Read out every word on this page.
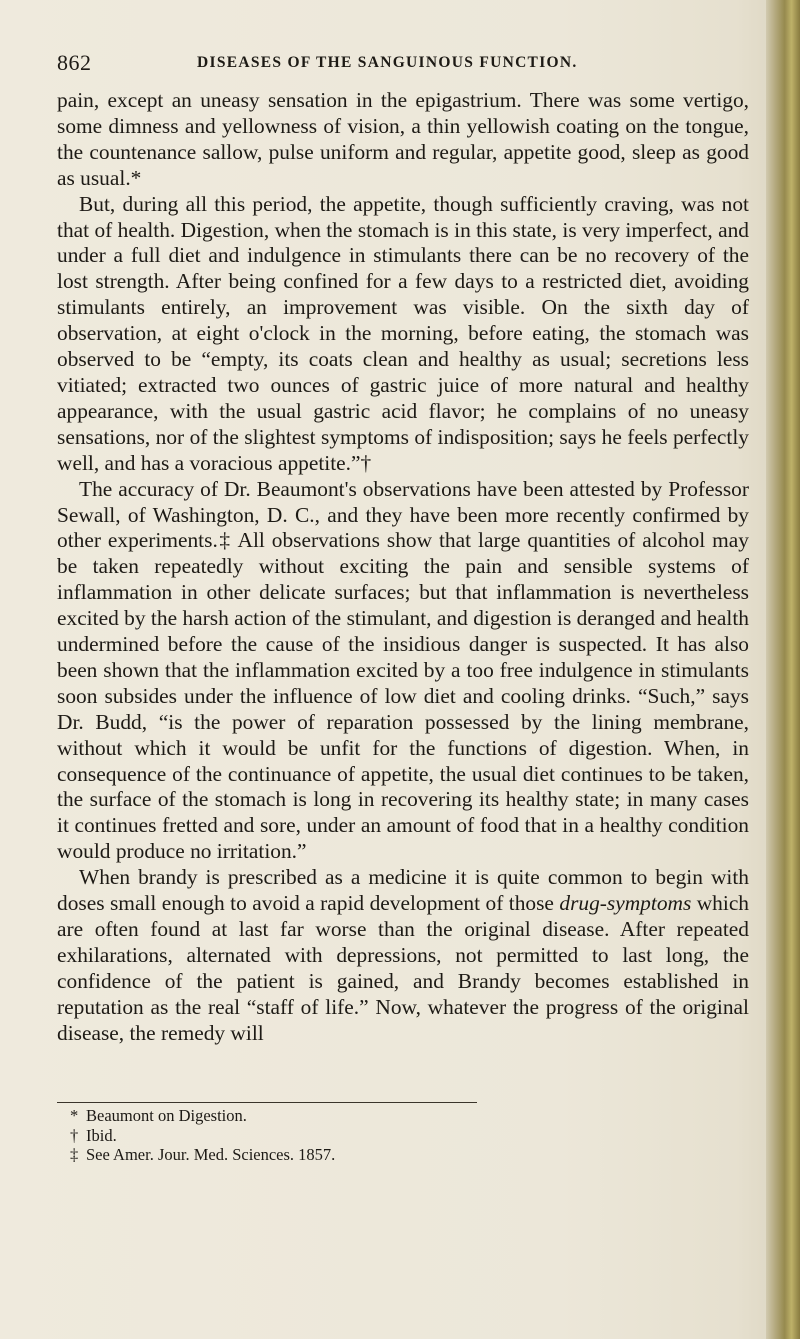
862	DISEASES OF THE SANGUINOUS FUNCTION.

pain, except an uneasy sensation in the epigastrium. There was some vertigo, some dimness and yellowness of vision, a thin yellowish coating on the tongue, the countenance sallow, pulse uniform and regular, appetite good, sleep as good as usual.*

But, during all this period, the appetite, though sufficiently craving, was not that of health. Digestion, when the stomach is in this state, is very imperfect, and under a full diet and indulgence in stimulants there can be no recovery of the lost strength. After being confined for a few days to a restricted diet, avoiding stimulants entirely, an improvement was visible. On the sixth day of observation, at eight o'clock in the morning, before eating, the stomach was observed to be “empty, its coats clean and healthy as usual; secretions less vitiated; extracted two ounces of gastric juice of more natural and healthy appearance, with the usual gastric acid flavor; he complains of no uneasy sensations, nor of the slightest symptoms of indisposition; says he feels perfectly well, and has a voracious appetite.”†

The accuracy of Dr. Beaumont's observations have been attested by Professor Sewall, of Washington, D. C., and they have been more recently confirmed by other experiments.‡ All observations show that large quantities of alcohol may be taken repeatedly without exciting the pain and sensible systems of inflammation in other delicate surfaces; but that inflammation is nevertheless excited by the harsh action of the stimulant, and digestion is deranged and health undermined before the cause of the insidious danger is suspected. It has also been shown that the inflammation excited by a too free indulgence in stimulants soon subsides under the influence of low diet and cooling drinks. “Such,” says Dr. Budd, “is the power of reparation possessed by the lining membrane, without which it would be unfit for the functions of digestion. When, in consequence of the continuance of appetite, the usual diet continues to be taken, the surface of the stomach is long in recovering its healthy state; in many cases it continues fretted and sore, under an amount of food that in a healthy condition would produce no irritation.”

When brandy is prescribed as a medicine it is quite common to begin with doses small enough to avoid a rapid development of those drug-symptoms which are often found at last far worse than the original disease. After repeated exhilarations, alternated with depressions, not permitted to last long, the confidence of the patient is gained, and Brandy becomes established in reputation as the real “staff of life.” Now, whatever the progress of the original disease, the remedy will

* Beaumont on Digestion.
† Ibid.
‡ See Amer. Jour. Med. Sciences. 1857.
